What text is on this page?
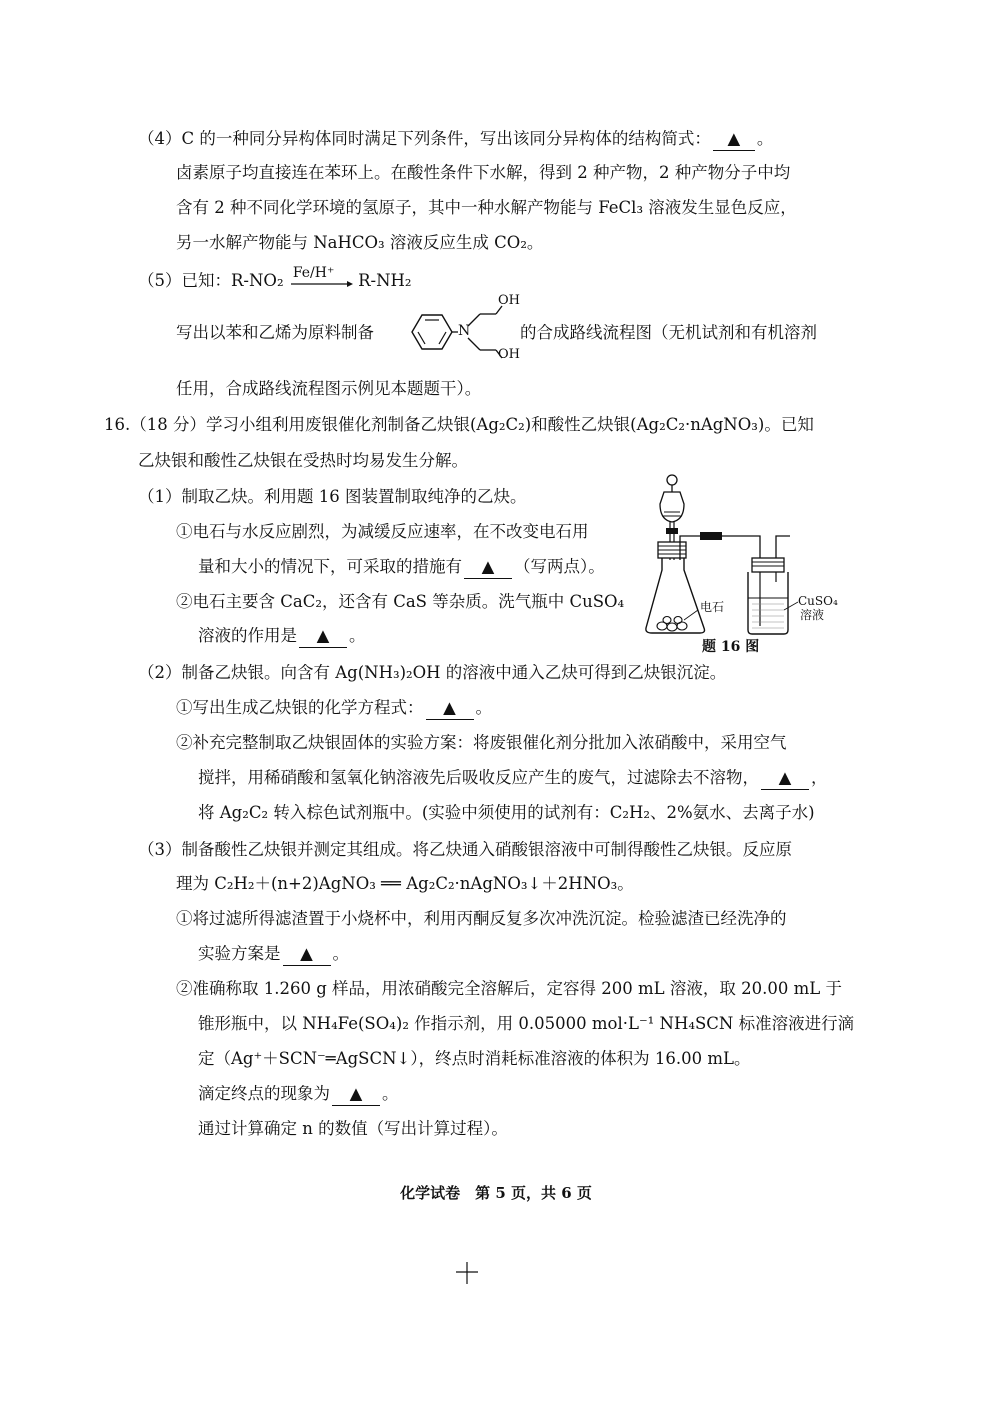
（4）C 的一种同分异构体同时满足下列条件，写出该同分异构体的结构简式： ▲ 。
卤素原子均直接连在苯环上。在酸性条件下水解，得到 2 种产物，2 种产物分子中均
含有 2 种不同化学环境的氢原子，其中一种水解产物能与 FeCl₃ 溶液发生显色反应，
另一水解产物能与 NaHCO₃ 溶液反应生成 CO₂。
（5）已知：R-NO₂ Fe/H⁺ R-NH₂
写出以苯和乙烯为原料制备	N
OH
OH
的合成路线流程图（无机试剂和有机溶剂
任用，合成路线流程图示例见本题题干）。
16.（18 分）学习小组利用废银催化剂制备乙炔银(Ag₂C₂)和酸性乙炔银(Ag₂C₂·nAgNO₃)。已知
乙炔银和酸性乙炔银在受热时均易发生分解。
（1）制取乙炔。利用题 16 图装置制取纯净的乙炔。
①电石与水反应剧烈，为减缓反应速率，在不改变电石用
量和大小的情况下，可采取的措施有 ▲ （写两点）。
②电石主要含 CaC₂，还含有 CaS 等杂质。洗气瓶中 CuSO₄
溶液的作用是 ▲ 。
电石	CuSO₄
溶液
题 16 图
（2）制备乙炔银。向含有 Ag(NH₃)₂OH 的溶液中通入乙炔可得到乙炔银沉淀。
①写出生成乙炔银的化学方程式： ▲ 。
②补充完整制取乙炔银固体的实验方案：将废银催化剂分批加入浓硝酸中，采用空气
搅拌，用稀硝酸和氢氧化钠溶液先后吸收反应产生的废气，过滤除去不溶物， ▲ ，
将 Ag₂C₂ 转入棕色试剂瓶中。(实验中须使用的试剂有：C₂H₂、2%氨水、去离子水)
（3）制备酸性乙炔银并测定其组成。将乙炔通入硝酸银溶液中可制得酸性乙炔银。反应原
理为 C₂H₂＋(n+2)AgNO₃ ══ Ag₂C₂·nAgNO₃↓＋2HNO₃。
①将过滤所得滤渣置于小烧杯中，利用丙酮反复多次冲洗沉淀。检验滤渣已经洗净的
实验方案是 ▲ 。
②准确称取 1.260 g 样品，用浓硝酸完全溶解后，定容得 200 mL 溶液，取 20.00 mL 于
锥形瓶中，以 NH₄Fe(SO₄)₂ 作指示剂，用 0.05000 mol·L⁻¹ NH₄SCN 标准溶液进行滴
定（Ag⁺＋SCN⁻═AgSCN↓），终点时消耗标准溶液的体积为 16.00 mL。
滴定终点的现象为 ▲ 。
通过计算确定 n 的数值（写出计算过程）。
化学试卷　第 5 页，共 6 页
